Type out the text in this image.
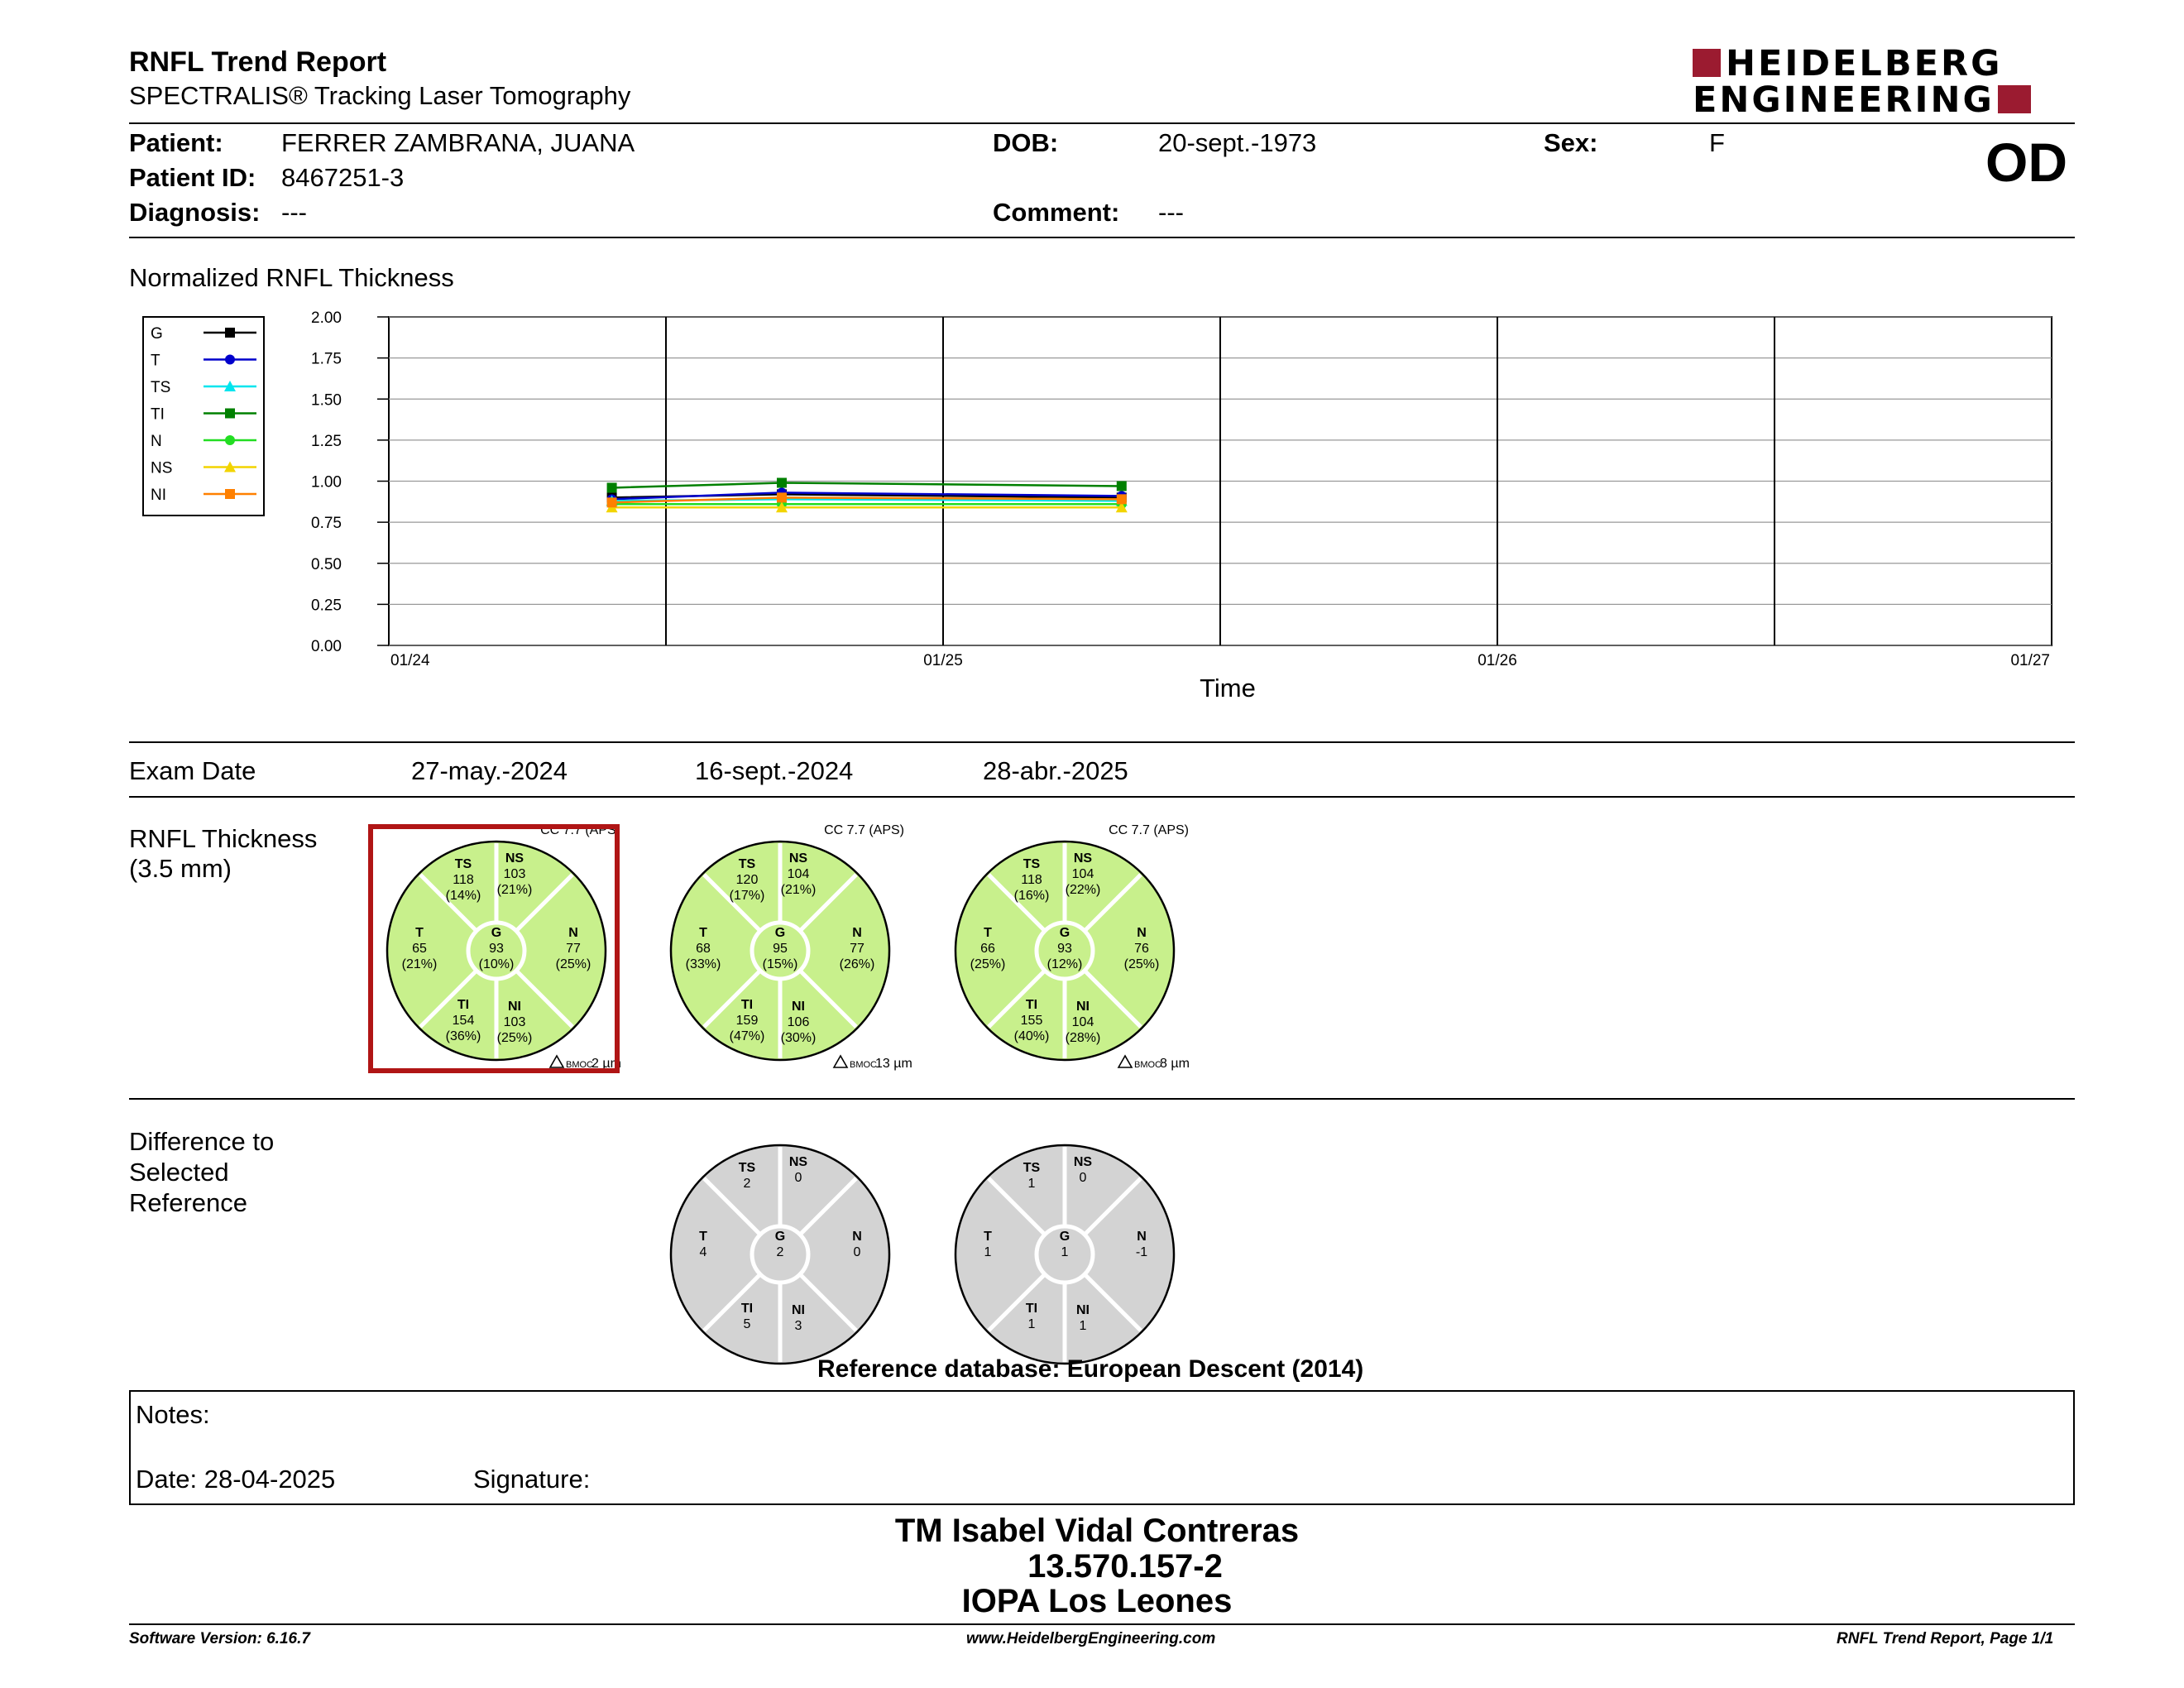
RNFL Trend Report
SPECTRALIS® Tracking Laser Tomography
HEIDELBERG
ENGINEERING
OD
Patient: FERRER ZAMBRANA, JUANA	DOB:	20-sept.-1973	Sex:	F
Patient ID: 8467251-3
Diagnosis: ---	Comment: ---
Normalized RNFL Thickness
G
T
TS
TI
N
NS
NI
0.00
0.25
0.50
0.75
1.00
1.25
1.50
1.75
2.00
01/24	01/25	01/26	01/27
Time
Exam Date	27-may.-2024	16-sept.-2024	28-abr.-2025
RNFL Thickness
(3.5 mm)	TS
118
(14%)
NS
103
(21%)
T
65
(21%)
G
93
(10%)
N
77
(25%)
TI
154
(36%)
NI
103
(25%)
CC 7.7 (APS)
BMOC
2 µm
TS
120
(17%)
NS
104
(21%)
T
68
(33%)
G
95
(15%)
N
77
(26%)
TI
159
(47%)
NI
106
(30%)
CC 7.7 (APS)
BMOC
13 µm
TS
118
(16%)
NS
104
(22%)
T
66
(25%)
G
93
(12%)
N
76
(25%)
TI
155
(40%)
NI
104
(28%)
CC 7.7 (APS)
BMOC
8 µm
Difference to
Selected
Reference
TS
2
NS
0
T
4
G
2
N
0
TI
5
NI
3
TS
1
NS
0
T
1
G
1
N
-1
TI
1
NI
1
Reference database: European Descent (2014)
Notes:
Date: 28-04-2025	Signature:
TM Isabel Vidal Contreras
13.570.157-2
IOPA Los Leones
Software Version: 6.16.7	www.HeidelbergEngineering.com	RNFL Trend Report, Page 1/1
